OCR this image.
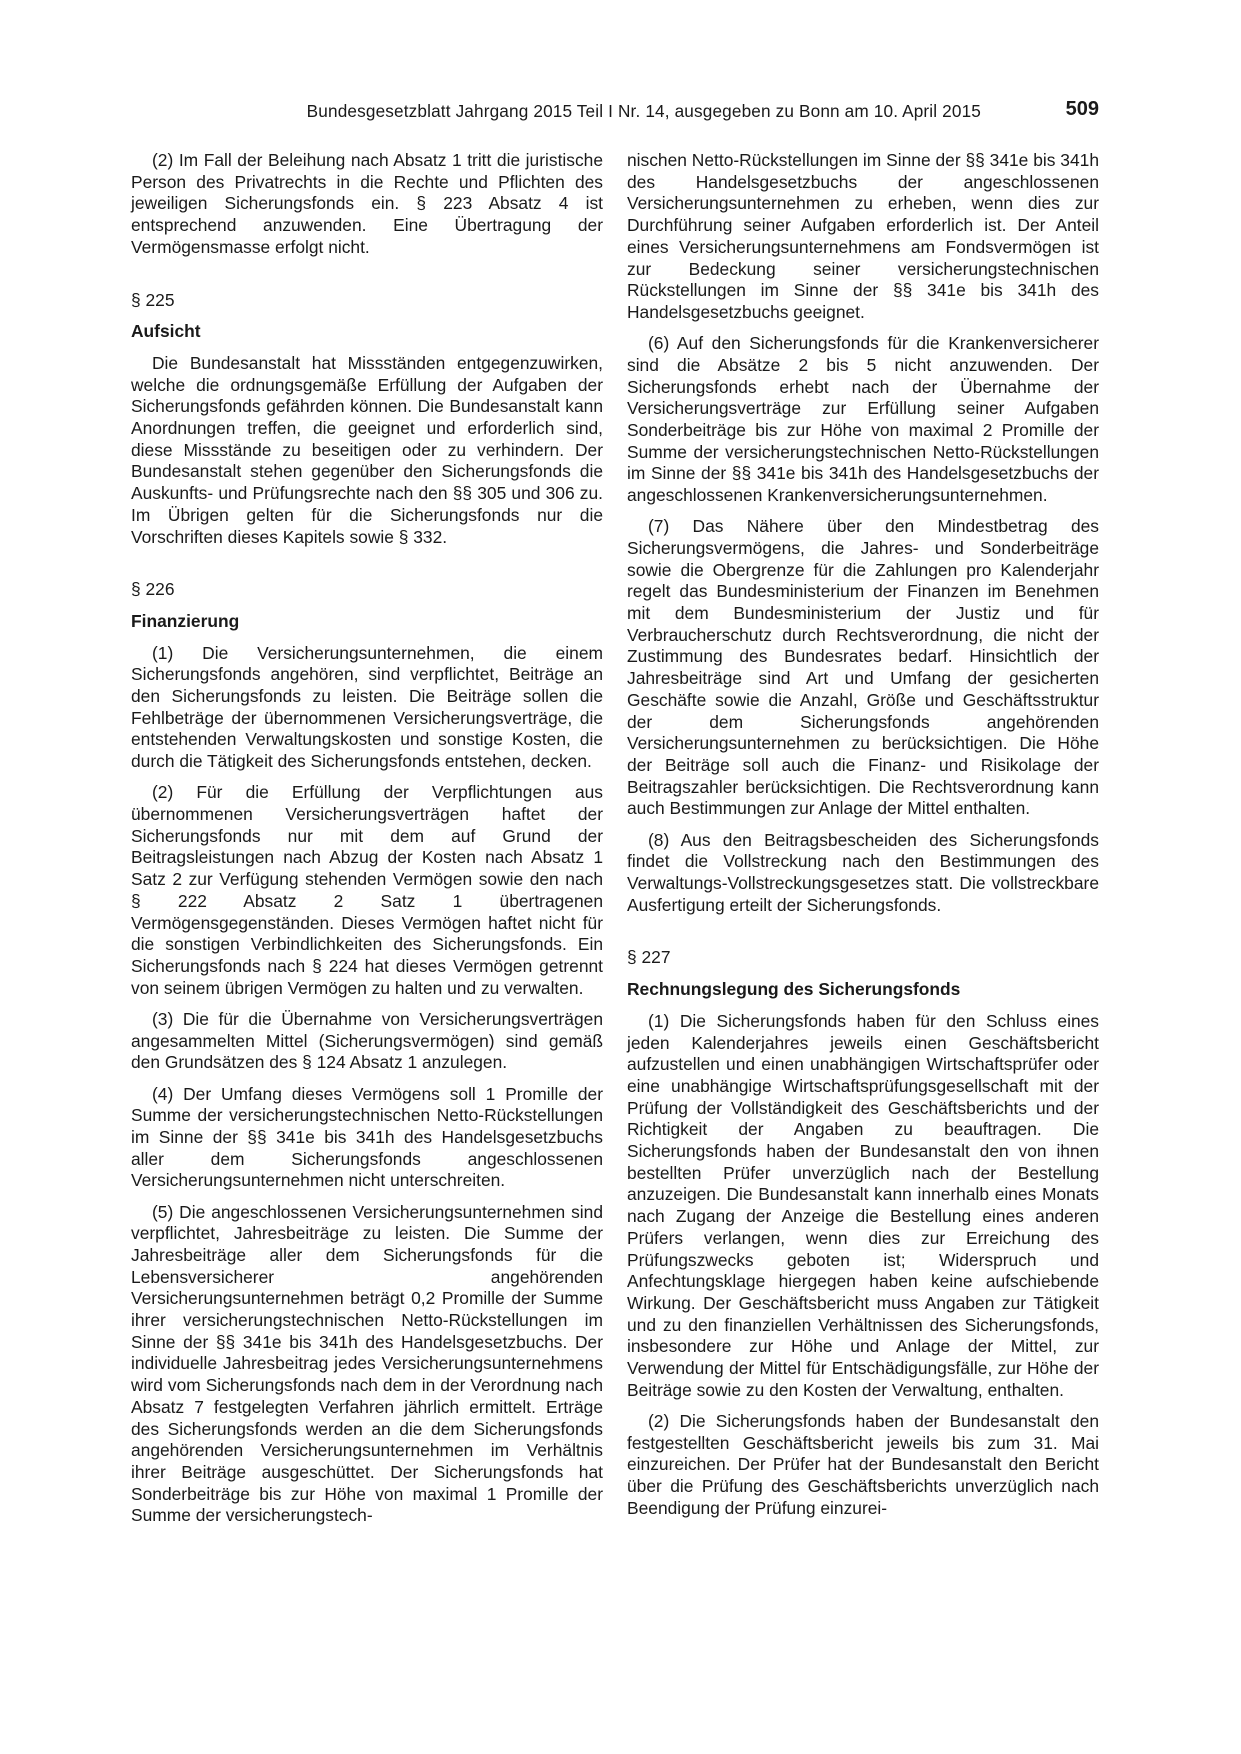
Bundesgesetzblatt Jahrgang 2015 Teil I Nr. 14, ausgegeben zu Bonn am 10. April 2015	509

(2) Im Fall der Beleihung nach Absatz 1 tritt die juristische Person des Privatrechts in die Rechte und Pflichten des jeweiligen Sicherungsfonds ein. § 223 Absatz 4 ist entsprechend anzuwenden. Eine Übertragung der Vermögensmasse erfolgt nicht.

§ 225

Aufsicht

Die Bundesanstalt hat Missständen entgegenzuwirken, welche die ordnungsgemäße Erfüllung der Aufgaben der Sicherungsfonds gefährden können. Die Bundesanstalt kann Anordnungen treffen, die geeignet und erforderlich sind, diese Missstände zu beseitigen oder zu verhindern. Der Bundesanstalt stehen gegenüber den Sicherungsfonds die Auskunfts- und Prüfungsrechte nach den §§ 305 und 306 zu. Im Übrigen gelten für die Sicherungsfonds nur die Vorschriften dieses Kapitels sowie § 332.

§ 226

Finanzierung

(1) Die Versicherungsunternehmen, die einem Sicherungsfonds angehören, sind verpflichtet, Beiträge an den Sicherungsfonds zu leisten. Die Beiträge sollen die Fehlbeträge der übernommenen Versicherungsverträge, die entstehenden Verwaltungskosten und sonstige Kosten, die durch die Tätigkeit des Sicherungsfonds entstehen, decken.

(2) Für die Erfüllung der Verpflichtungen aus übernommenen Versicherungsverträgen haftet der Sicherungsfonds nur mit dem auf Grund der Beitragsleistungen nach Abzug der Kosten nach Absatz 1 Satz 2 zur Verfügung stehenden Vermögen sowie den nach § 222 Absatz 2 Satz 1 übertragenen Vermögensgegenständen. Dieses Vermögen haftet nicht für die sonstigen Verbindlichkeiten des Sicherungsfonds. Ein Sicherungsfonds nach § 224 hat dieses Vermögen getrennt von seinem übrigen Vermögen zu halten und zu verwalten.

(3) Die für die Übernahme von Versicherungsverträgen angesammelten Mittel (Sicherungsvermögen) sind gemäß den Grundsätzen des § 124 Absatz 1 anzulegen.

(4) Der Umfang dieses Vermögens soll 1 Promille der Summe der versicherungstechnischen Netto-Rückstellungen im Sinne der §§ 341e bis 341h des Handelsgesetzbuchs aller dem Sicherungsfonds angeschlossenen Versicherungsunternehmen nicht unterschreiten.

(5) Die angeschlossenen Versicherungsunternehmen sind verpflichtet, Jahresbeiträge zu leisten. Die Summe der Jahresbeiträge aller dem Sicherungsfonds für die Lebensversicherer angehörenden Versicherungsunternehmen beträgt 0,2 Promille der Summe ihrer versicherungstechnischen Netto-Rückstellungen im Sinne der §§ 341e bis 341h des Handelsgesetzbuchs. Der individuelle Jahresbeitrag jedes Versicherungsunternehmens wird vom Sicherungsfonds nach dem in der Verordnung nach Absatz 7 festgelegten Verfahren jährlich ermittelt. Erträge des Sicherungsfonds werden an die dem Sicherungsfonds angehörenden Versicherungsunternehmen im Verhältnis ihrer Beiträge ausgeschüttet. Der Sicherungsfonds hat Sonderbeiträge bis zur Höhe von maximal 1 Promille der Summe der versicherungstech-

nischen Netto-Rückstellungen im Sinne der §§ 341e bis 341h des Handelsgesetzbuchs der angeschlossenen Versicherungsunternehmen zu erheben, wenn dies zur Durchführung seiner Aufgaben erforderlich ist. Der Anteil eines Versicherungsunternehmens am Fondsvermögen ist zur Bedeckung seiner versicherungstechnischen Rückstellungen im Sinne der §§ 341e bis 341h des Handelsgesetzbuchs geeignet.

(6) Auf den Sicherungsfonds für die Krankenversicherer sind die Absätze 2 bis 5 nicht anzuwenden. Der Sicherungsfonds erhebt nach der Übernahme der Versicherungsverträge zur Erfüllung seiner Aufgaben Sonderbeiträge bis zur Höhe von maximal 2 Promille der Summe der versicherungstechnischen Netto-Rückstellungen im Sinne der §§ 341e bis 341h des Handelsgesetzbuchs der angeschlossenen Krankenversicherungsunternehmen.

(7) Das Nähere über den Mindestbetrag des Sicherungsvermögens, die Jahres- und Sonderbeiträge sowie die Obergrenze für die Zahlungen pro Kalenderjahr regelt das Bundesministerium der Finanzen im Benehmen mit dem Bundesministerium der Justiz und für Verbraucherschutz durch Rechtsverordnung, die nicht der Zustimmung des Bundesrates bedarf. Hinsichtlich der Jahresbeiträge sind Art und Umfang der gesicherten Geschäfte sowie die Anzahl, Größe und Geschäftsstruktur der dem Sicherungsfonds angehörenden Versicherungsunternehmen zu berücksichtigen. Die Höhe der Beiträge soll auch die Finanz- und Risikolage der Beitragszahler berücksichtigen. Die Rechtsverordnung kann auch Bestimmungen zur Anlage der Mittel enthalten.

(8) Aus den Beitragsbescheiden des Sicherungsfonds findet die Vollstreckung nach den Bestimmungen des Verwaltungs-Vollstreckungsgesetzes statt. Die vollstreckbare Ausfertigung erteilt der Sicherungsfonds.

§ 227

Rechnungslegung des Sicherungsfonds

(1) Die Sicherungsfonds haben für den Schluss eines jeden Kalenderjahres jeweils einen Geschäftsbericht aufzustellen und einen unabhängigen Wirtschaftsprüfer oder eine unabhängige Wirtschaftsprüfungsgesellschaft mit der Prüfung der Vollständigkeit des Geschäftsberichts und der Richtigkeit der Angaben zu beauftragen. Die Sicherungsfonds haben der Bundesanstalt den von ihnen bestellten Prüfer unverzüglich nach der Bestellung anzuzeigen. Die Bundesanstalt kann innerhalb eines Monats nach Zugang der Anzeige die Bestellung eines anderen Prüfers verlangen, wenn dies zur Erreichung des Prüfungszwecks geboten ist; Widerspruch und Anfechtungsklage hiergegen haben keine aufschiebende Wirkung. Der Geschäftsbericht muss Angaben zur Tätigkeit und zu den finanziellen Verhältnissen des Sicherungsfonds, insbesondere zur Höhe und Anlage der Mittel, zur Verwendung der Mittel für Entschädigungsfälle, zur Höhe der Beiträge sowie zu den Kosten der Verwaltung, enthalten.

(2) Die Sicherungsfonds haben der Bundesanstalt den festgestellten Geschäftsbericht jeweils bis zum 31. Mai einzureichen. Der Prüfer hat der Bundesanstalt den Bericht über die Prüfung des Geschäftsberichts unverzüglich nach Beendigung der Prüfung einzurei-
